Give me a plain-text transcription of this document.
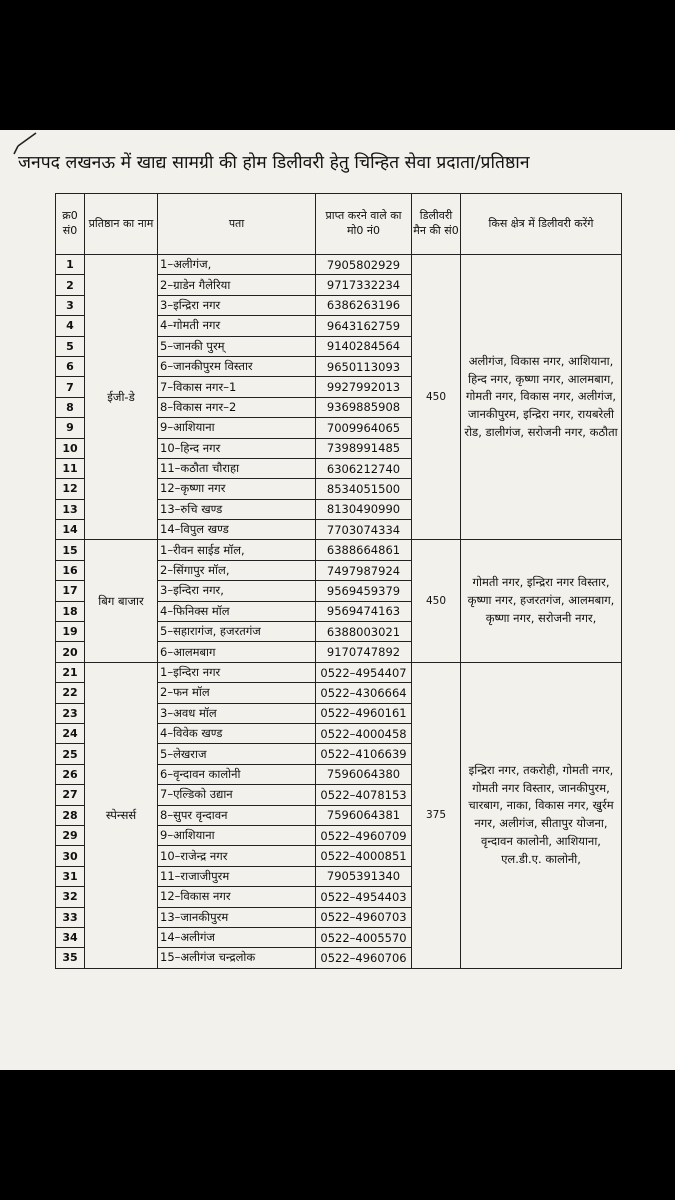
जनपद लखनऊ में खाद्य सामग्री की होम डिलीवरी हेतु चिन्हित सेवा प्रदाता/प्रतिष्ठान
क्र0 सं0	प्रतिष्ठान का नाम	पता	प्राप्त करने वाले का मो0 नं0	डिलीवरी मैन की सं0	किस क्षेत्र में डिलीवरी करेंगे
1	ईजी-डे	1–अलीगंज,	7905802929	450	अलीगंज, विकास नगर, आशियाना, हिन्द नगर, कृष्णा नगर, आलमबाग, गोमती नगर, विकास नगर, अलीगंज, जानकीपुरम, इन्द्रिरा नगर, रायबरेली रोड, डालीगंज, सरोजनी नगर, कठौता
2		2–ग्राडेन गैलेरिया	9717332234		
3		3–इन्द्रिरा नगर	6386263196		
4		4–गोमती नगर	9643162759		
5		5–जानकी पुरम्	9140284564		
6		6–जानकीपुरम विस्तार	9650113093		
7		7–विकास नगर–1	9927992013		
8		8–विकास नगर–2	9369885908		
9		9–आशियाना	7009964065		
10		10–हिन्द नगर	7398991485		
11		11–कठौता चौराहा	6306212740		
12		12–कृष्णा नगर	8534051500		
13		13–रुचि खण्ड	8130490990		
14		14–विपुल खण्ड	7703074334		
15	बिग बाजार	1–रीवन साईड मॉल,	6388664861	450	गोमती नगर, इन्द्रिरा नगर विस्तार, कृष्णा नगर, हजरतगंज, आलमबाग, कृष्णा नगर, सरोजनी नगर,
16		2–सिंगापुर मॉल,	7497987924		
17		3–इन्दिरा नगर,	9569459379		
18		4–फिनिक्स मॉल	9569474163		
19		5–सहारागंज, हजरतगंज	6388003021		
20		6–आलमबाग	9170747892		
21	स्पेन्सर्स	1–इन्दिरा नगर	0522–4954407	375	इन्द्रिरा नगर, तकरोही, गोमती नगर, गोमती नगर विस्तार, जानकीपुरम, चारबाग, नाका, विकास नगर, खुर्रम नगर, अलीगंज, सीतापुर योजना, वृन्दावन कालोनी, आशियाना, एल.डी.ए. कालोनी,
22		2–फन मॉल	0522–4306664		
23		3–अवध मॉल	0522–4960161		
24		4–विवेक खण्ड	0522–4000458		
25		5–लेखराज	0522–4106639		
26		6–वृन्दावन कालोनी	7596064380		
27		7–एल्डिको उद्यान	0522–4078153		
28		8–सुपर वृन्दावन	7596064381		
29		9–आशियाना	0522–4960709		
30		10–राजेन्द्र नगर	0522–4000851		
31		11–राजाजीपुरम	7905391340		
32		12–विकास नगर	0522–4954403		
33		13–जानकीपुरम	0522–4960703		
34		14–अलीगंज	0522–4005570		
35		15–अलीगंज चन्द्रलोक	0522–4960706		
